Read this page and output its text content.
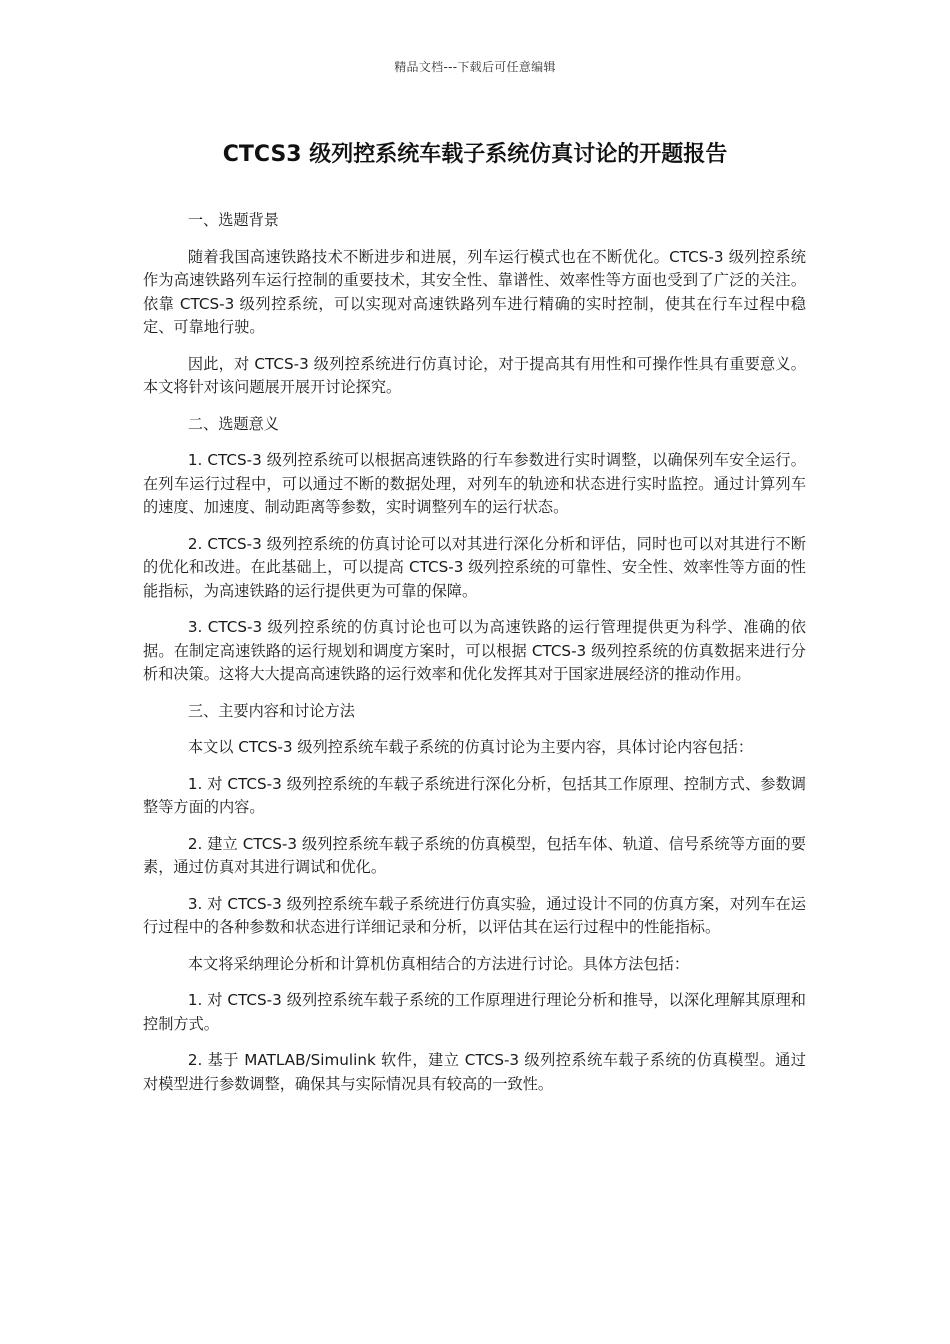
精品文档---下载后可任意编辑
CTCS3 级列控系统车载子系统仿真讨论的开题报告

一、选题背景

随着我国高速铁路技术不断进步和进展，列车运行模式也在不断优化。CTCS-3 级列控系统作为高速铁路列车运行控制的重要技术，其安全性、靠谱性、效率性等方面也受到了广泛的关注。依靠 CTCS-3 级列控系统，可以实现对高速铁路列车进行精确的实时控制，使其在行车过程中稳定、可靠地行驶。

因此，对 CTCS-3 级列控系统进行仿真讨论，对于提高其有用性和可操作性具有重要意义。本文将针对该问题展开展开讨论探究。

二、选题意义

1. CTCS-3 级列控系统可以根据高速铁路的行车参数进行实时调整，以确保列车安全运行。在列车运行过程中，可以通过不断的数据处理，对列车的轨迹和状态进行实时监控。通过计算列车的速度、加速度、制动距离等参数，实时调整列车的运行状态。

2. CTCS-3 级列控系统的仿真讨论可以对其进行深化分析和评估，同时也可以对其进行不断的优化和改进。在此基础上，可以提高 CTCS-3 级列控系统的可靠性、安全性、效率性等方面的性能指标，为高速铁路的运行提供更为可靠的保障。

3. CTCS-3 级列控系统的仿真讨论也可以为高速铁路的运行管理提供更为科学、准确的依据。在制定高速铁路的运行规划和调度方案时，可以根据 CTCS-3 级列控系统的仿真数据来进行分析和决策。这将大大提高高速铁路的运行效率和优化发挥其对于国家进展经济的推动作用。

三、主要内容和讨论方法

本文以 CTCS-3 级列控系统车载子系统的仿真讨论为主要内容，具体讨论内容包括：

1. 对 CTCS-3 级列控系统的车载子系统进行深化分析，包括其工作原理、控制方式、参数调整等方面的内容。

2. 建立 CTCS-3 级列控系统车载子系统的仿真模型，包括车体、轨道、信号系统等方面的要素，通过仿真对其进行调试和优化。

3. 对 CTCS-3 级列控系统车载子系统进行仿真实验，通过设计不同的仿真方案，对列车在运行过程中的各种参数和状态进行详细记录和分析，以评估其在运行过程中的性能指标。

本文将采纳理论分析和计算机仿真相结合的方法进行讨论。具体方法包括：

1. 对 CTCS-3 级列控系统车载子系统的工作原理进行理论分析和推导，以深化理解其原理和控制方式。

2. 基于 MATLAB/Simulink 软件，建立 CTCS-3 级列控系统车载子系统的仿真模型。通过对模型进行参数调整，确保其与实际情况具有较高的一致性。
